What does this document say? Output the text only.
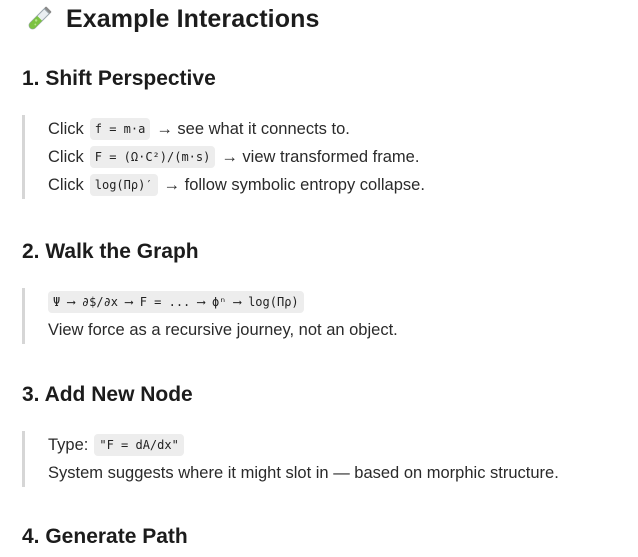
Example Interactions
1. Shift Perspective
Click f = m·a → see what it connects to.
Click F = (Ω·C²)/(m·s) → view transformed frame.
Click log(Πρ)′ → follow symbolic entropy collapse.
2. Walk the Graph
Ψ ⟶ ∂$/∂x ⟶ F = ... ⟶ ϕⁿ ⟶ log(Πρ)
View force as a recursive journey, not an object.
3. Add New Node
Type: "F = dA/dx"
System suggests where it might slot in — based on morphic structure.
4. Generate Path
